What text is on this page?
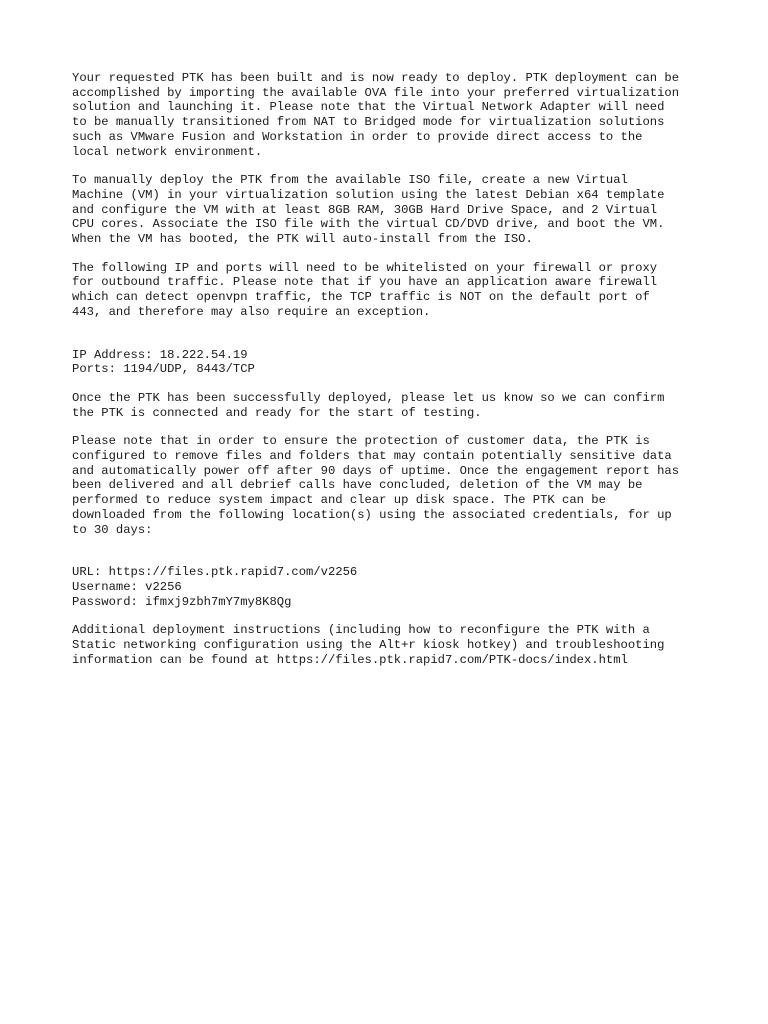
Your requested PTK has been built and is now ready to deploy. PTK deployment can be
accomplished by importing the available OVA file into your preferred virtualization
solution and launching it. Please note that the Virtual Network Adapter will need
to be manually transitioned from NAT to Bridged mode for virtualization solutions
such as VMware Fusion and Workstation in order to provide direct access to the
local network environment.

To manually deploy the PTK from the available ISO file, create a new Virtual
Machine (VM) in your virtualization solution using the latest Debian x64 template
and configure the VM with at least 8GB RAM, 30GB Hard Drive Space, and 2 Virtual
CPU cores. Associate the ISO file with the virtual CD/DVD drive, and boot the VM.
When the VM has booted, the PTK will auto-install from the ISO.

The following IP and ports will need to be whitelisted on your firewall or proxy
for outbound traffic. Please note that if you have an application aware firewall
which can detect openvpn traffic, the TCP traffic is NOT on the default port of
443, and therefore may also require an exception.

IP Address: 18.222.54.19

Ports: 1194/UDP, 8443/TCP

Once the PTK has been successfully deployed, please let us know so we can confirm
the PTK is connected and ready for the start of testing.

Please note that in order to ensure the protection of customer data, the PTK is
configured to remove files and folders that may contain potentially sensitive data
and automatically power off after 90 days of uptime. Once the engagement report has
been delivered and all debrief calls have concluded, deletion of the VM may be
performed to reduce system impact and clear up disk space. The PTK can be
downloaded from the following location(s) using the associated credentials, for up
to 30 days:

URL: https://files.ptk.rapid7.com/v2256

Username: v2256

Password: ifmxj9zbh7mY7my8K8Qg

Additional deployment instructions (including how to reconfigure the PTK with a
Static networking configuration using the Alt+r kiosk hotkey) and troubleshooting
information can be found at https://files.ptk.rapid7.com/PTK-docs/index.html
